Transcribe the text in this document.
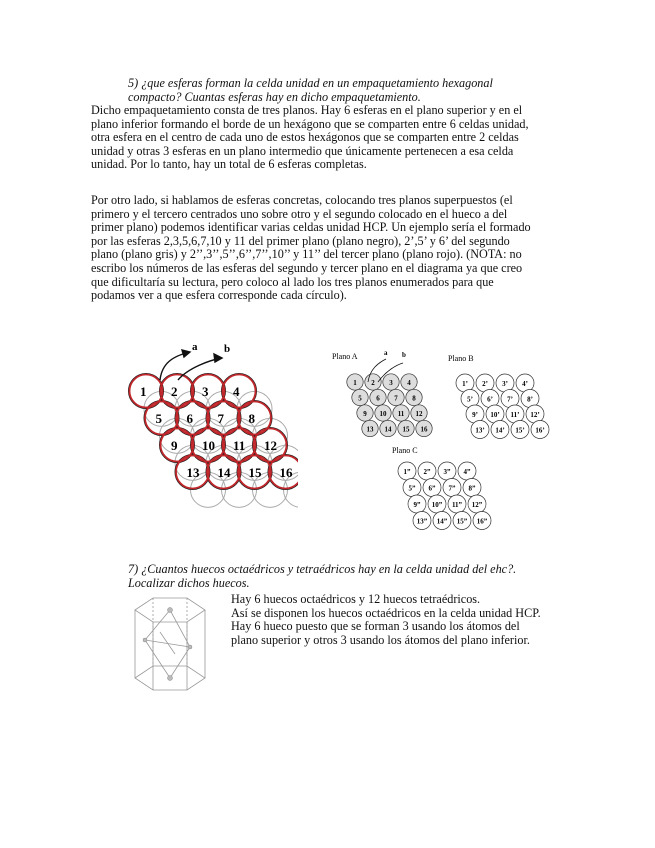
5) ¿que esferas forman la celda unidad en un empaquetamiento hexagonal
compacto? Cuantas esferas hay en dicho empaquetamiento.
Dicho empaquetamiento consta de tres planos. Hay 6 esferas en el plano superior y en el
plano inferior formando el borde de un hexágono que se comparten entre 6 celdas unidad,
otra esfera en el centro de cada uno de estos hexágonos que se comparten entre 2 celdas
unidad y otras 3 esferas en un plano intermedio que únicamente pertenecen a esa celda
unidad. Por lo tanto, hay un total de 6 esferas completas.
Por otro lado, si hablamos de esferas concretas, colocando tres planos superpuestos (el
primero y el tercero centrados uno sobre otro y el segundo colocado en el hueco a del
primer plano) podemos identificar varias celdas unidad HCP. Un ejemplo sería el formado
por las esferas 2,3,5,6,7,10 y 11 del primer plano (plano negro), 2’,5’ y 6’ del segundo
plano (plano gris) y 2’’,3’’,5’’,6’’,7’’,10’’ y 11’’ del tercer plano (plano rojo). (NOTA: no
escribo los números de las esferas del segundo y tercer plano en el diagrama ya que creo
que dificultaría su lectura, pero coloco al lado los tres planos enumerados para que
podamos ver a que esfera corresponde cada círculo).
1 2 3 4
5 6 7 8
9 10 11 12
13 14 15 16
a b
Plano A
1 2 3 4
5 6 7 8
9 10 11 12
13 14 15 16
a b	Plano B
1’ 2’ 3’ 4’
5’ 6’ 7’ 8’
9’ 10’ 11’ 12’
13’ 14’ 15’ 16’
Plano C
1” 2” 3” 4”
5” 6” 7” 8”
9” 10” 11” 12”
13” 14” 15” 16”
7) ¿Cuantos huecos octaédricos y tetraédricos hay en la celda unidad del ehc?.
Localizar dichos huecos.
Hay 6 huecos octaédricos y 12 huecos tetraédricos.
Así se disponen los huecos octaédricos en la celda unidad HCP.
Hay 6 hueco puesto que se forman 3 usando los átomos del
plano superior y otros 3 usando los átomos del plano inferior.
